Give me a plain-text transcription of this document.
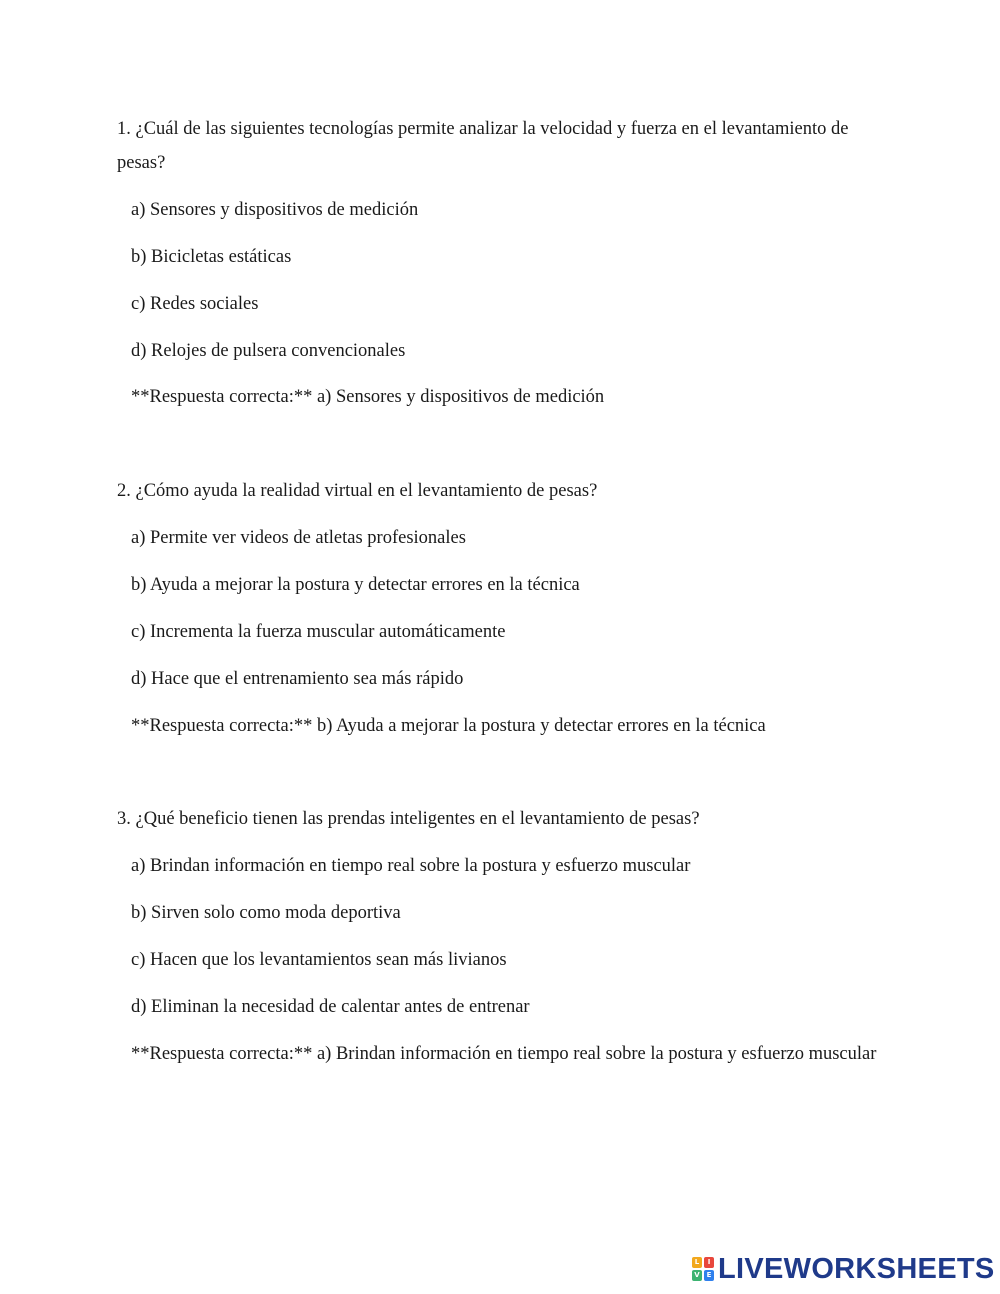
1. ¿Cuál de las siguientes tecnologías permite analizar la velocidad y fuerza en el levantamiento de pesas?
a) Sensores y dispositivos de medición
b) Bicicletas estáticas
c) Redes sociales
d) Relojes de pulsera convencionales
**Respuesta correcta:** a) Sensores y dispositivos de medición
2. ¿Cómo ayuda la realidad virtual en el levantamiento de pesas?
a) Permite ver videos de atletas profesionales
b) Ayuda a mejorar la postura y detectar errores en la técnica
c) Incrementa la fuerza muscular automáticamente
d) Hace que el entrenamiento sea más rápido
**Respuesta correcta:** b) Ayuda a mejorar la postura y detectar errores en la técnica
3. ¿Qué beneficio tienen las prendas inteligentes en el levantamiento de pesas?
a) Brindan información en tiempo real sobre la postura y esfuerzo muscular
b) Sirven solo como moda deportiva
c) Hacen que los levantamientos sean más livianos
d) Eliminan la necesidad de calentar antes de entrenar
**Respuesta correcta:** a) Brindan información en tiempo real sobre la postura y esfuerzo muscular
L	I
V E LIVEWORKSHEETS
